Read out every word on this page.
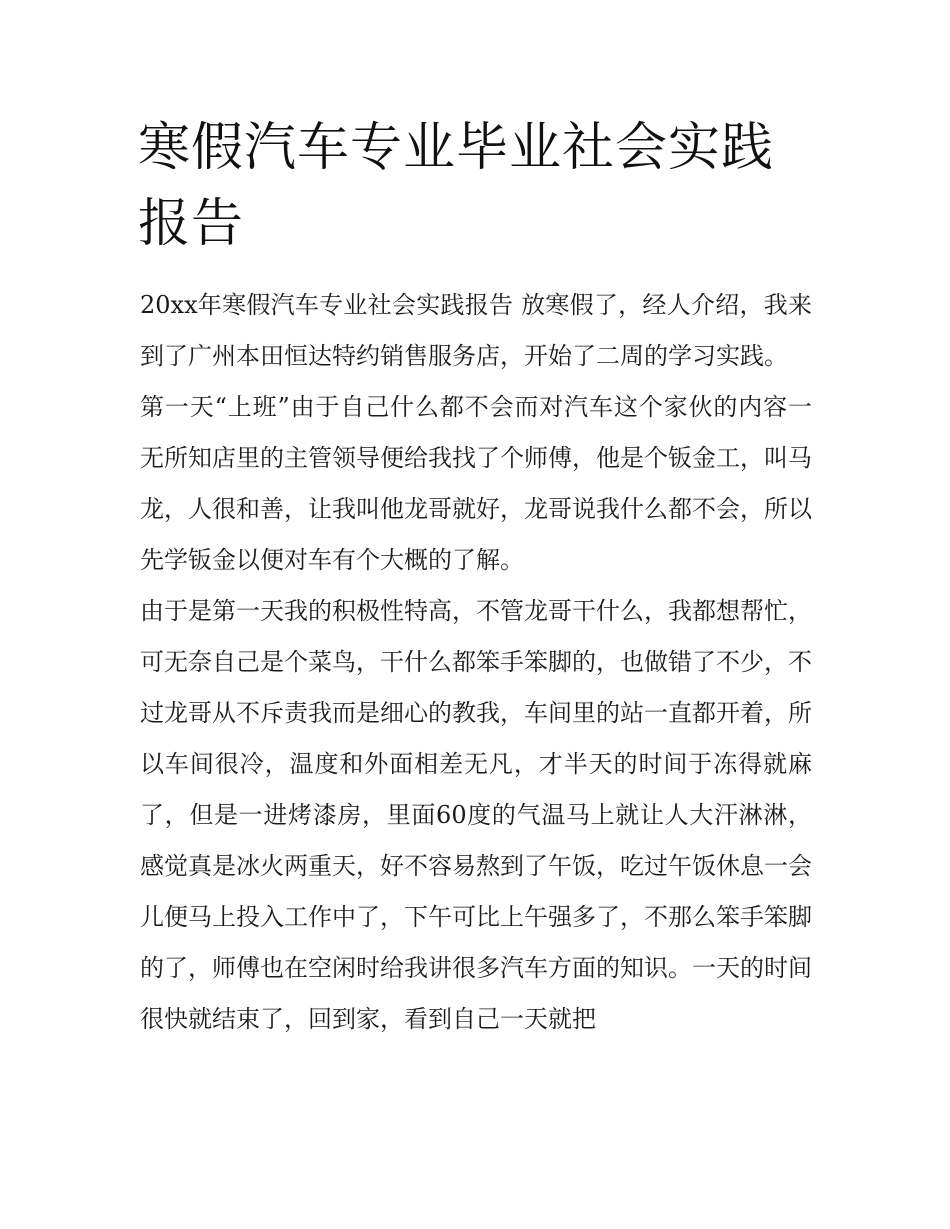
寒假汽车专业毕业社会实践报告

20xx年寒假汽车专业社会实践报告 放寒假了，经人介绍，我来到了广州本田恒达特约销售服务店，开始了二周的学习实践。

第一天“上班”由于自己什么都不会而对汽车这个家伙的内容一无所知店里的主管领导便给我找了个师傅，他是个钣金工，叫马龙，人很和善，让我叫他龙哥就好，龙哥说我什么都不会，所以先学钣金以便对车有个大概的了解。

由于是第一天我的积极性特高，不管龙哥干什么，我都想帮忙，可无奈自己是个菜鸟，干什么都笨手笨脚的，也做错了不少，不过龙哥从不斥责我而是细心的教我，车间里的站一直都开着，所以车间很冷，温度和外面相差无凡，才半天的时间于冻得就麻了，但是一进烤漆房，里面60度的气温马上就让人大汗淋淋，感觉真是冰火两重天，好不容易熬到了午饭，吃过午饭休息一会儿便马上投入工作中了，下午可比上午强多了，不那么笨手笨脚的了，师傅也在空闲时给我讲很多汽车方面的知识。一天的时间很快就结束了，回到家，看到自己一天就把
